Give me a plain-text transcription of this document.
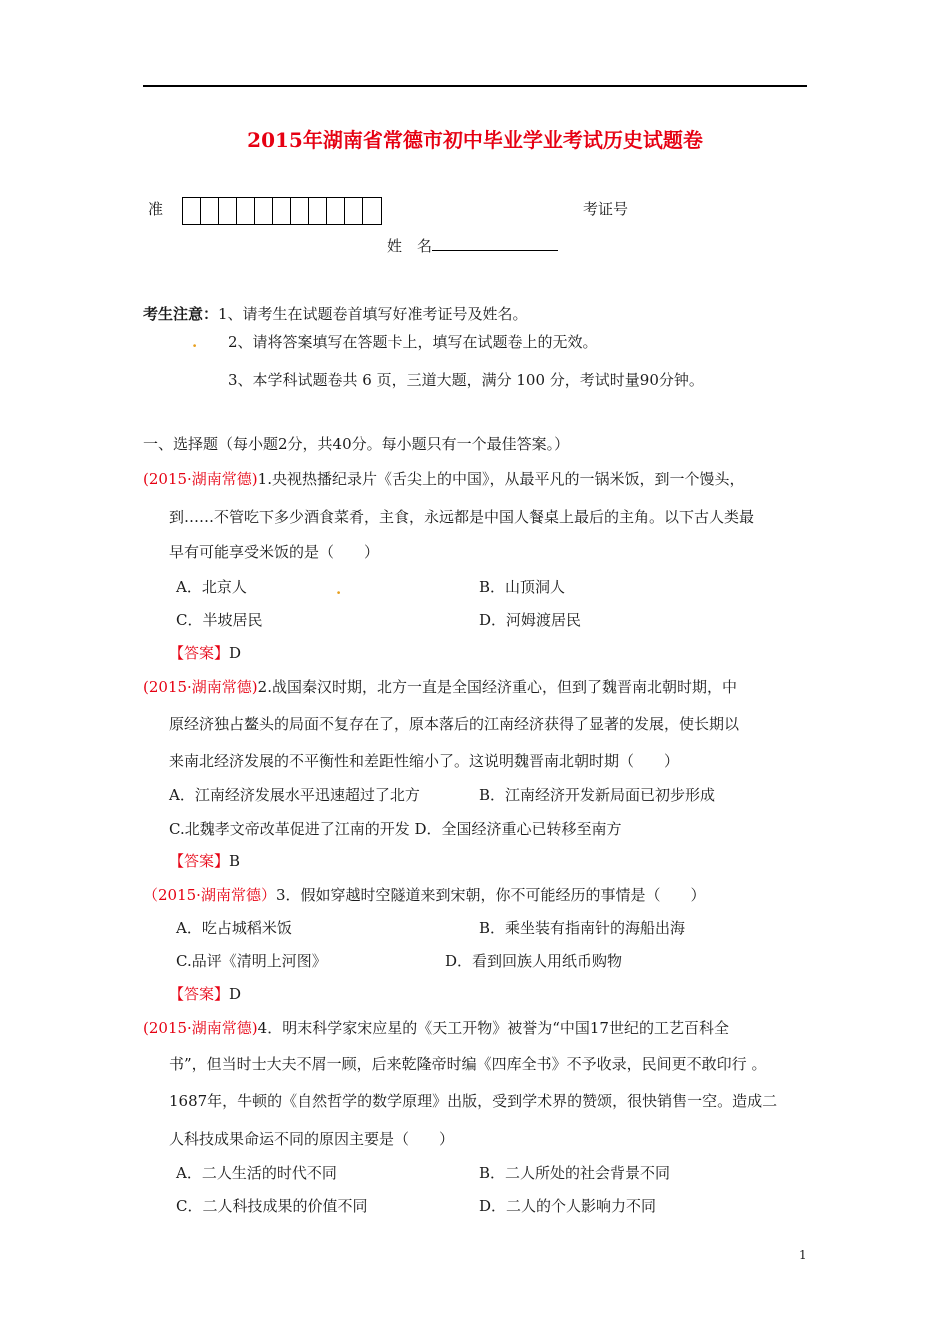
2015年湖南省常德市初中毕业学业考试历史试题卷
准	考证号
姓　名
考生注意：1、请考生在试题卷首填写好准考证号及姓名。
. 2、请将答案填写在答题卡上，填写在试题卷上的无效。
3、本学科试题卷共 6 页，三道大题，满分 100 分，考试时量90分钟。
一、选择题（每小题2分，共40分。每小题只有一个最佳答案。）
(2015·湖南常德)1.央视热播纪录片《舌尖上的中国》，从最平凡的一锅米饭，到一个馒头，
到……不管吃下多少酒食菜肴，主食，永远都是中国人餐桌上最后的主角。以下古人类最
早有可能享受米饭的是（　　）
A．北京人	.	B．山顶洞人
C．半坡居民	D．河姆渡居民
【答案】D
(2015·湖南常德)2.战国秦汉时期，北方一直是全国经济重心，但到了魏晋南北朝时期，中
原经济独占鳌头的局面不复存在了，原本落后的江南经济获得了显著的发展，使长期以
来南北经济发展的不平衡性和差距性缩小了。这说明魏晋南北朝时期（　　）
A．江南经济发展水平迅速超过了北方	B．江南经济开发新局面已初步形成
C.北魏孝文帝改革促进了江南的开发 D．全国经济重心已转移至南方
【答案】B
（2015·湖南常德）3．假如穿越时空隧道来到宋朝，你不可能经历的事情是（　　）
A．吃占城稻米饭	B．乘坐装有指南针的海船出海
C.品评《清明上河图》	D．看到回族人用纸币购物
【答案】D
(2015·湖南常德)4．明末科学家宋应星的《天工开物》被誉为“中国17世纪的工艺百科全
书”，但当时士大夫不屑一顾，后来乾隆帝时编《四库全书》不予收录，民间更不敢印行 。
1687年，牛顿的《自然哲学的数学原理》出版，受到学术界的赞颂，很快销售一空。造成二
人科技成果命运不同的原因主要是（　　）
A．二人生活的时代不同	B．二人所处的社会背景不同
C．二人科技成果的价值不同	D．二人的个人影响力不同
1
